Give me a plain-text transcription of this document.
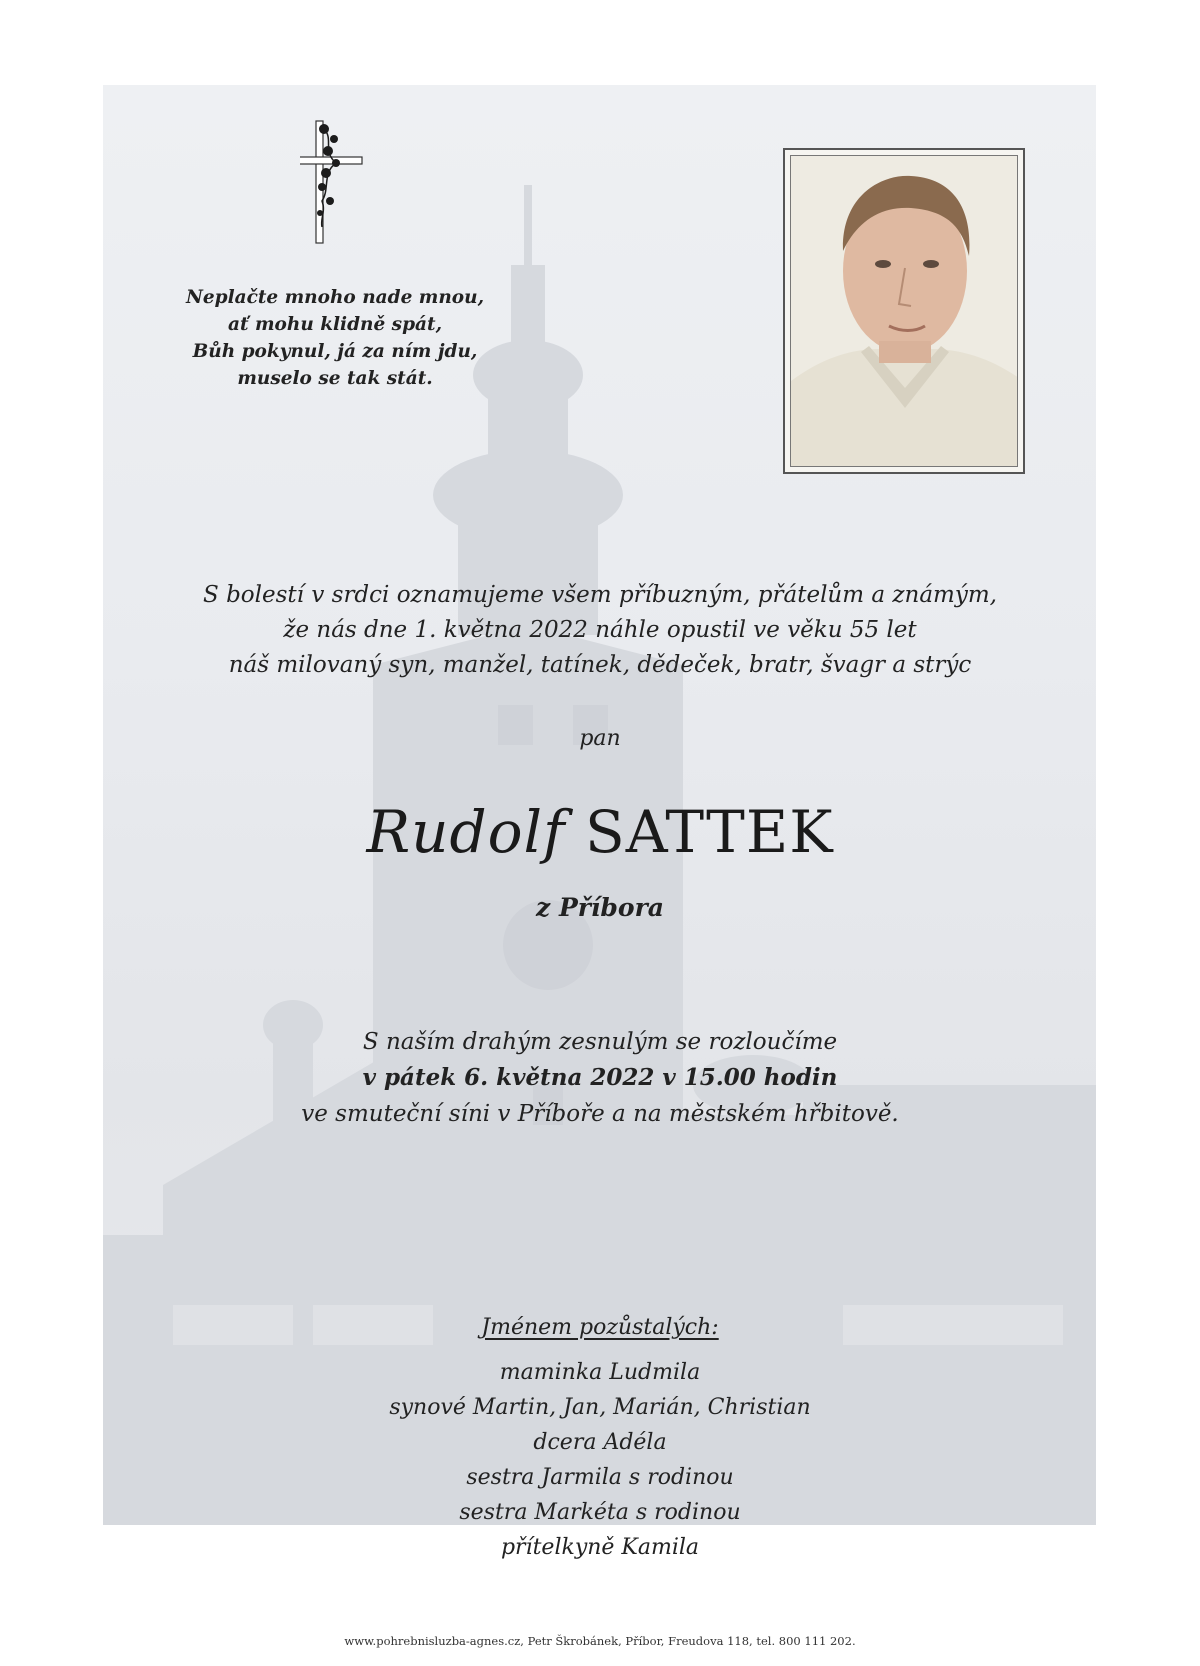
Neplačte mnoho nade mnou,
ať mohu klidně spát,
Bůh pokynul, já za ním jdu,
muselo se tak stát.
S bolestí v srdci oznamujeme všem příbuzným, přátelům a známým,
že nás dne 1. května 2022 náhle opustil ve věku 55 let
náš milovaný syn, manžel, tatínek, dědeček, bratr, švagr a strýc
pan
Rudolf SATTEK
z Příbora
S naším drahým zesnulým se rozloučíme
v pátek 6. května 2022 v 15.00 hodin
ve smuteční síni v Příboře a na městském hřbitově.
Jménem pozůstalých:
maminka Ludmila
synové Martin, Jan, Marián, Christian
dcera Adéla
sestra Jarmila s rodinou
sestra Markéta s rodinou
přítelkyně Kamila
www.pohrebnisluzba-agnes.cz, Petr Škrobánek, Příbor, Freudova 118, tel. 800 111 202.
